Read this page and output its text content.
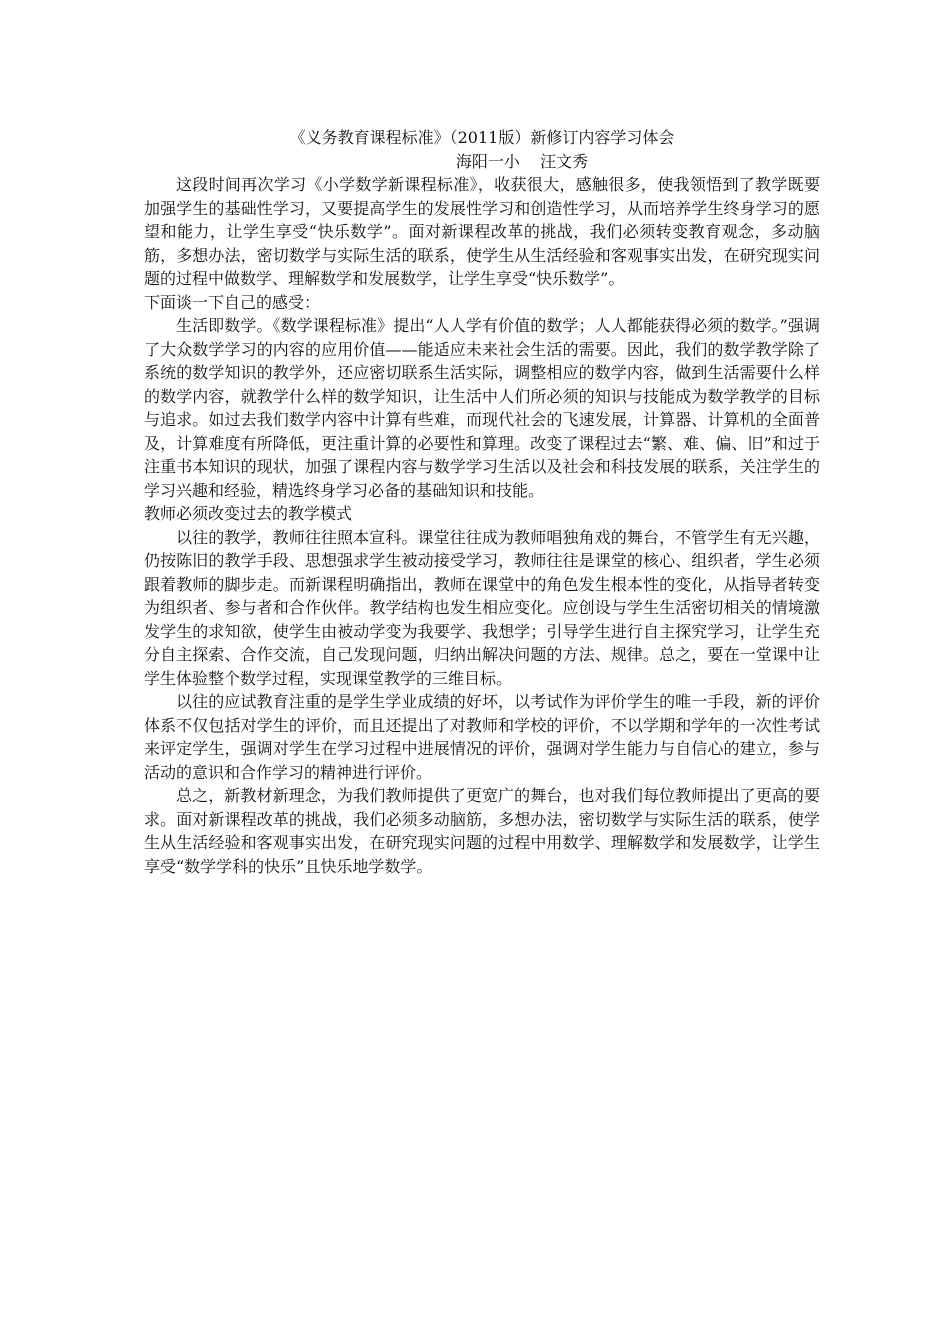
《义务教育课程标准》（2011版）新修订内容学习体会
海阳一小    汪文秀

这段时间再次学习《小学数学新课程标准》，收获很大，感触很多，使我领悟到了教学既要加强学生的基础性学习，又要提高学生的发展性学习和创造性学习，从而培养学生终身学习的愿望和能力，让学生享受“快乐数学”。面对新课程改革的挑战，我们必须转变教育观念，多动脑筋，多想办法，密切数学与实际生活的联系，使学生从生活经验和客观事实出发，在研究现实问题的过程中做数学、理解数学和发展数学，让学生享受“快乐数学”。

下面谈一下自己的感受：

生活即数学。《数学课程标准》提出“人人学有价值的数学；人人都能获得必须的数学。”强调了大众数学学习的内容的应用价值——能适应未来社会生活的需要。因此，我们的数学教学除了系统的数学知识的教学外，还应密切联系生活实际，调整相应的数学内容，做到生活需要什么样的数学内容，就教学什么样的数学知识，让生活中人们所必须的知识与技能成为数学教学的目标与追求。如过去我们数学内容中计算有些难，而现代社会的飞速发展，计算器、计算机的全面普及，计算难度有所降低，更注重计算的必要性和算理。改变了课程过去“繁、难、偏、旧”和过于注重书本知识的现状，加强了课程内容与数学学习生活以及社会和科技发展的联系，关注学生的学习兴趣和经验，精选终身学习必备的基础知识和技能。

教师必须改变过去的教学模式

以往的教学，教师往往照本宣科。课堂往往成为教师唱独角戏的舞台，不管学生有无兴趣，仍按陈旧的教学手段、思想强求学生被动接受学习，教师往往是课堂的核心、组织者，学生必须跟着教师的脚步走。而新课程明确指出，教师在课堂中的角色发生根本性的变化，从指导者转变为组织者、参与者和合作伙伴。教学结构也发生相应变化。应创设与学生生活密切相关的情境激发学生的求知欲，使学生由被动学变为我要学、我想学；引导学生进行自主探究学习，让学生充分自主探索、合作交流，自己发现问题，归纳出解决问题的方法、规律。总之，要在一堂课中让学生体验整个数学过程，实现课堂教学的三维目标。

以往的应试教育注重的是学生学业成绩的好坏，以考试作为评价学生的唯一手段，新的评价体系不仅包括对学生的评价，而且还提出了对教师和学校的评价，不以学期和学年的一次性考试来评定学生，强调对学生在学习过程中进展情况的评价，强调对学生能力与自信心的建立，参与活动的意识和合作学习的精神进行评价。

总之，新教材新理念，为我们教师提供了更宽广的舞台，也对我们每位教师提出了更高的要求。面对新课程改革的挑战，我们必须多动脑筋，多想办法，密切数学与实际生活的联系，使学生从生活经验和客观事实出发，在研究现实问题的过程中用数学、理解数学和发展数学，让学生享受“数学学科的快乐”且快乐地学数学。
